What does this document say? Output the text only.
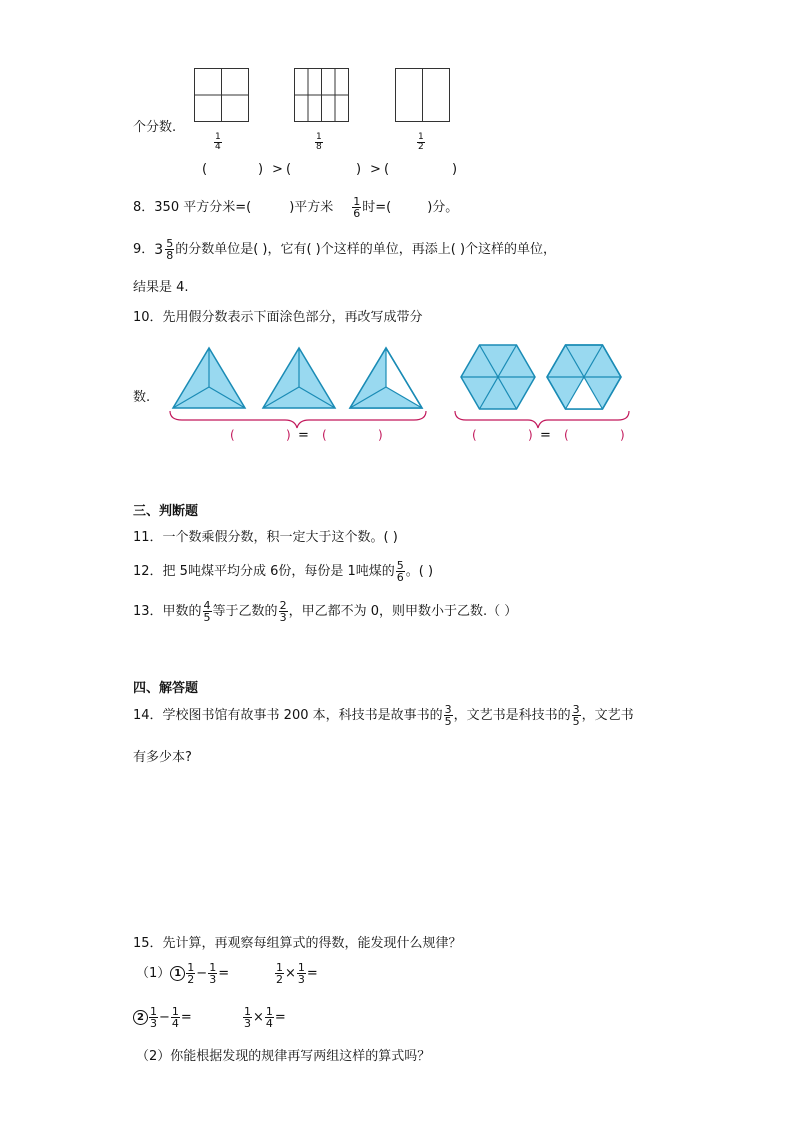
个分数.
$\frac{1}{4}$	$\frac{1}{8}$	$\frac{1}{2}$
(	) > (	) > (	)
8．350 平方分米=(	)平方米 $\frac{1}{6}$ 时=(	)分。
9． $3 \frac{5}{8}$ 的分数单位是( )，它有( )个这样的单位，再添上( )个这样的单位，
结果是 4.
10．先用假分数表示下面涂色部分，再改写成带分
数.
(	) = (	)	(	) = (	)
三、判断题
11．一个数乘假分数，积一定大于这个数。( )
12．把 5吨煤平均分成 6份，每份是 1吨煤的 $\frac{5}{6}$ 。( )
13．甲数的 $\frac{4}{5}$ 等于乙数的 $\frac{2}{3}$ ，甲乙都不为 0，则甲数小于乙数.（ ）
四、解答题
14．学校图书馆有故事书 200 本，科技书是故事书的 $\frac{3}{5}$ ，文艺书是科技书的 $\frac{3}{5}$ ，文艺书
有多少本?
15．先计算，再观察每组算式的得数，能发现什么规律？
（1） $1 \frac{1}{2} - \frac{1}{3}$ =	$\frac{1}{2} \times \frac{1}{3}$ =
$2 \frac{1}{3} - \frac{1}{4}$ =	$\frac{1}{3} \times \frac{1}{4}$ =
（2）你能根据发现的规律再写两组这样的算式吗？
